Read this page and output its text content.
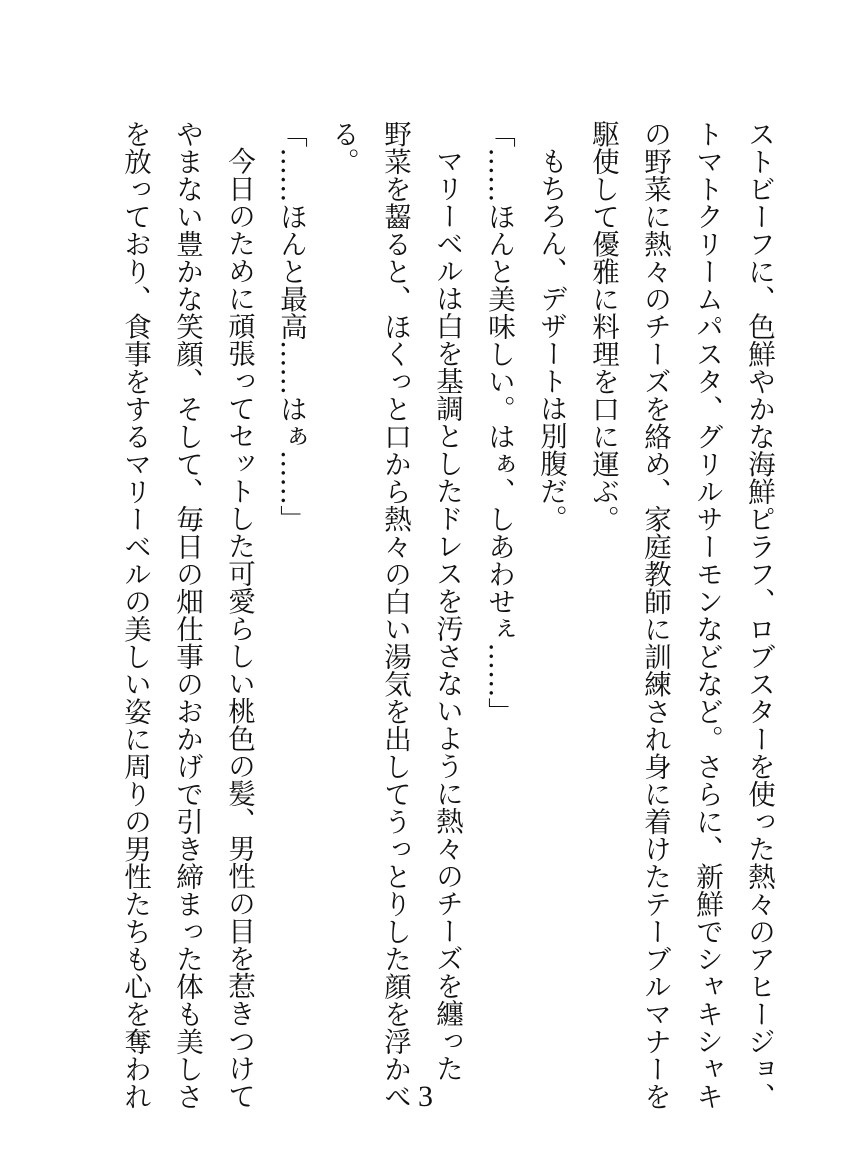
ストビーフに、色鮮やかな海鮮ピラフ、ロブスターを使った熱々のアヒージョ、

トマトクリームパスタ、グリルサーモンなどなど。さらに、新鮮でシャキシャキ

の野菜に熱々のチーズを絡め、家庭教師に訓練され身に着けたテーブルマナーを

駆使して優雅に料理を口に運ぶ。

もちろん、デザートは別腹だ。

「……ほんと美味しい。はぁ、しあわせぇ……」

マリーベルは白を基調としたドレスを汚さないように熱々のチーズを纏った

野菜を齧ると、ほくっと口から熱々の白い湯気を出してうっとりした顔を浮かべ

る。

「……ほんと最高……はぁ……」

今日のために頑張ってセットした可愛らしい桃色の髪、男性の目を惹きつけて

やまない豊かな笑顔、そして、毎日の畑仕事のおかげで引き締まった体も美しさ

を放っており、食事をするマリーベルの美しい姿に周りの男性たちも心を奪われ	3
